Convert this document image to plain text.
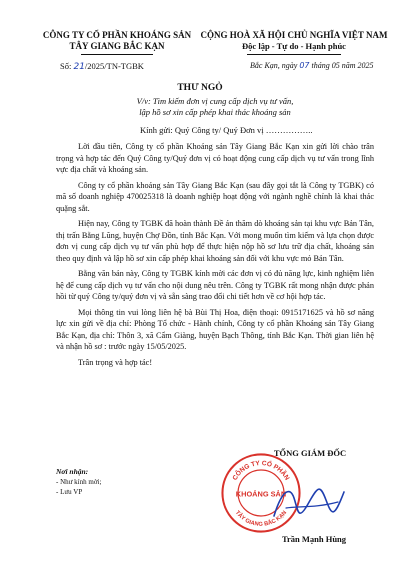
CÔNG TY CỔ PHẦN KHOÁNG SẢN
TÂY GIANG BẮC KẠN
CỘNG HOÀ XÃ HỘI CHỦ NGHĨA VIỆT NAM
Độc lập - Tự do - Hạnh phúc
Số: 21/2025/TN-TGBK	Bắc Kạn, ngày 07 tháng 05 năm 2025
THƯ NGỎ
V/v: Tìm kiếm đơn vị cung cấp dịch vụ tư vấn,
lập hồ sơ xin cấp phép khai thác khoáng sản
Kính gửi: Quý Công ty/ Quý Đơn vị ……………..

Lời đầu tiên, Công ty cổ phần Khoáng sản Tây Giang Bắc Kạn xin gửi lời chào trân trọng và hợp tác đến Quý Công ty/Quý đơn vị có hoạt động cung cấp dịch vụ tư vấn trong lĩnh vực địa chất và khoáng sản.

Công ty cổ phần khoáng sản Tây Giang Bắc Kạn (sau đây gọi tắt là Công ty TGBK) có mã số doanh nghiệp 470025318 là doanh nghiệp hoạt động với ngành nghề chính là khai thác quặng sắt.

Hiện nay, Công ty TGBK đã hoàn thành Đề án thăm dò khoáng sản tại khu vực Bản Tân, thị trấn Bằng Lũng, huyện Chợ Đồn, tỉnh Bắc Kạn. Với mong muốn tìm kiếm và lựa chọn được đơn vị cung cấp dịch vụ tư vấn phù hợp để thực hiện nộp hồ sơ lưu trữ địa chất, khoáng sản theo quy định và lập hồ sơ xin cấp phép khai khoáng sản đối với khu vực mỏ Bản Tân.

Bằng văn bản này, Công ty TGBK kính mời các đơn vị có đủ năng lực, kinh nghiệm liên hệ để cung cấp dịch vụ tư vấn cho nội dung nêu trên. Công ty TGBK rất mong nhận được phản hồi từ quý Công ty/quý đơn vị và sẵn sàng trao đổi chi tiết hơn về cơ hội hợp tác.

Mọi thông tin vui lòng liên hệ bà Bùi Thị Hoa, điện thoại: 0915171625 và hồ sơ năng lực xin gửi về địa chỉ: Phòng Tổ chức - Hành chính, Công ty cổ phần Khoáng sản Tây Giang Bắc Kạn, địa chỉ: Thôn 3, xã Cẩm Giàng, huyện Bạch Thông, tỉnh Bắc Kạn. Thời gian liên hệ và nhận hồ sơ : trước ngày 15/05/2025.

Trân trọng và hợp tác!

Nơi nhận:
- Như kính mời;
- Lưu VP
CÔNG TY CỔ PHẦN
KHOÁNG SẢN
TÂY GIANG BẮC KẠN
TỔNG GIÁM ĐỐC
Trần Mạnh Hùng
